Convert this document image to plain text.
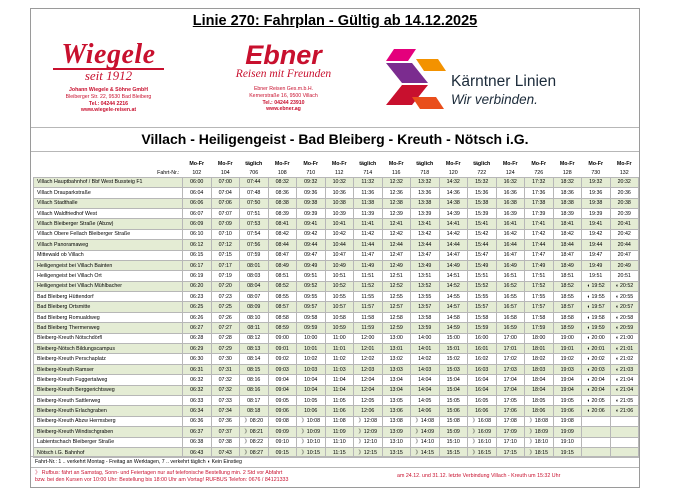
Linie 270: Fahrplan - Gültig ab 14.12.2025
Wiegele
seit 1912
Johann Wiegele & Söhne GmbH
Bleiberger Str. 22, 9530 Bad Bleiberg
Tel.: 04244 2216
www.wiegele-reisen.at
Ebner
Reisen mit Freunden
Ebner Reisen Ges.m.b.H.
Kernerstraße 16, 9500 Villach
Tel.: 04244 23910
www.ebner.ag
Kärntner Linien
Wir verbinden.
Villach - Heiligengeist - Bad Bleiberg - Kreuth - Nötsch i.G.
	Mo-Fr	Mo-Fr	täglich	Mo-Fr	Mo-Fr	Mo-Fr	täglich	Mo-Fr	täglich	Mo-Fr	täglich	Mo-Fr	Mo-Fr	Mo-Fr	Mo-Fr	Mo-Fr
Fahrt-Nr.:	102	104	706	108	710	112	714	116	718	120	722	124	726	128	730	132
Villach Hauptbahnhof / Bbf West Bussteig F1	06:00	07:00	07:44	08:32	09:32	10:32	11:32	12:32	13:32	14:32	15:32	16:32	17:32	18:32	19:32	20:32
Villach Drauparkstraße	06:04	07:04	07:48	08:36	09:36	10:36	11:36	12:36	13:36	14:36	15:36	16:36	17:36	18:36	19:36	20:36
Villach Stadthalle	06:06	07:06	07:50	08:38	09:38	10:38	11:38	12:38	13:38	14:38	15:38	16:38	17:38	18:38	19:38	20:38
Villach Waldfriedhof West	06:07	07:07	07:51	08:39	09:39	10:39	11:39	12:39	13:39	14:39	15:39	16:39	17:39	18:39	19:39	20:39
Villach Bleiberger Straße (Abzw)	06:09	07:09	07:53	08:41	09:41	10:41	11:41	12:41	13:41	14:41	15:41	16:41	17:41	18:41	19:41	20:41
Villach Obere Fellach Bleiberger Straße	06:10	07:10	07:54	08:42	09:42	10:42	11:42	12:42	13:42	14:42	15:42	16:42	17:42	18:42	19:42	20:42
Villach Panoramaweg	06:12	07:12	07:56	08:44	09:44	10:44	11:44	12:44	13:44	14:44	15:44	16:44	17:44	18:44	19:44	20:44
Mittewald ob Villach	06:15	07:15	07:59	08:47	09:47	10:47	11:47	12:47	13:47	14:47	15:47	16:47	17:47	18:47	19:47	20:47
Heiligengeist bei Villach Bainten	06:17	07:17	08:01	08:49	09:49	10:49	11:49	12:49	13:49	14:49	15:49	16:49	17:49	18:49	19:49	20:49
Heiligengeist bei Villach Ort	06:19	07:19	08:03	08:51	09:51	10:51	11:51	12:51	13:51	14:51	15:51	16:51	17:51	18:51	19:51	20:51
Heiligengeist bei Villach Mühlbacher	06:20	07:20	08:04	08:52	09:52	10:52	11:52	12:52	13:52	14:52	15:52	16:52	17:52	18:52	◖ 19:52	◖ 20:52
Bad Bleiberg Hüttendorf	06:23	07:23	08:07	08:55	09:55	10:55	11:55	12:55	13:55	14:55	15:55	16:55	17:55	18:55	◖ 19:55	◖ 20:55
Bad Bleiberg Ortsmitte	06:25	07:25	08:09	08:57	09:57	10:57	11:57	12:57	13:57	14:57	15:57	16:57	17:57	18:57	◖ 19:57	◖ 20:57
Bad Bleiberg Romualdweg	06:26	07:26	08:10	08:58	09:58	10:58	11:58	12:58	13:58	14:58	15:58	16:58	17:58	18:58	◖ 19:58	◖ 20:58
Bad Bleiberg Thermenweg	06:27	07:27	08:11	08:59	09:59	10:59	11:59	12:59	13:59	14:59	15:59	16:59	17:59	18:59	◖ 19:59	◖ 20:59
Bleiberg-Kreuth Nötschdörfl	06:28	07:28	08:12	09:00	10:00	11:00	12:00	13:00	14:00	15:00	16:00	17:00	18:00	19:00	◖ 20:00	◖ 21:00
Bleiberg-Nötsch Bildungscampus	06:29	07:29	08:13	09:01	10:01	11:01	12:01	13:01	14:01	15:01	16:01	17:01	18:01	19:01	◖ 20:01	◖ 21:01
Bleiberg-Kreuth Perschaplatz	06:30	07:30	08:14	09:02	10:02	11:02	12:02	13:02	14:02	15:02	16:02	17:02	18:02	19:02	◖ 20:02	◖ 21:02
Bleiberg-Kreuth Ramser	06:31	07:31	08:15	09:03	10:03	11:03	12:03	13:03	14:03	15:03	16:03	17:03	18:03	19:03	◖ 20:03	◖ 21:03
Bleiberg-Kreuth Fuggertalweg	06:32	07:32	08:16	09:04	10:04	11:04	12:04	13:04	14:04	15:04	16:04	17:04	18:04	19:04	◖ 20:04	◖ 21:04
Bleiberg-Kreuth Berggerichtsweg	06:32	07:32	08:16	09:04	10:04	11:04	12:04	13:04	14:04	15:04	16:04	17:04	18:04	19:04	◖ 20:04	◖ 21:04
Bleiberg-Kreuth Sattlerweg	06:33	07:33	08:17	09:05	10:05	11:05	12:05	13:05	14:05	15:05	16:05	17:05	18:05	19:05	◖ 20:05	◖ 21:05
Bleiberg-Kreuth Erlachgraben	06:34	07:34	08:18	09:06	10:06	11:06	12:06	13:06	14:06	15:06	16:06	17:06	18:06	19:06	◖ 20:06	◖ 21:06
Bleiberg-Kreuth Abzw Hermsberg	06:36	07:36	》08:20	09:08	》10:08	11:08	》12:08	13:08	》14:08	15:08	》16:08	17:08	》18:08	19:08		
Bleiberg-Kreuth Windischgraben	06:37	07:37	》08:21	09:09	》10:09	11:09	》12:09	13:09	》14:09	15:09	》16:09	17:09	》18:09	19:09		
Labientschach Bleiberger Straße	06:38	07:38	》08:22	09:10	》10:10	11:10	》12:10	13:10	》14:10	15:10	》16:10	17:10	》18:10	19:10		
Nötsch i.G. Bahnhof	06:43	07:43	》08:27	09:15	》10:15	11:15	》12:15	13:15	》14:15	15:15	》16:15	17:15	》18:15	19:15		
Fahrt-Nr.: 1 .. verkehrt Montag - Freitag an Werktagen, 7 .. verkehrt täglich ◖ Kein Einstieg
》 Rufbus: fährt an Samstag, Sonn- und Feiertagen nur auf telefonische Bestellung min. 2 Std vor Abfahrt
bzw. bei den Kursen vor 10:00 Uhr: Bestellung bis 18:00 Uhr am Vortag! RUFBUS Telefon: 0676 / 84121333
am 24.12. und 31.12. letzte Verbindung Villach - Kreuth um 15:32 Uhr
